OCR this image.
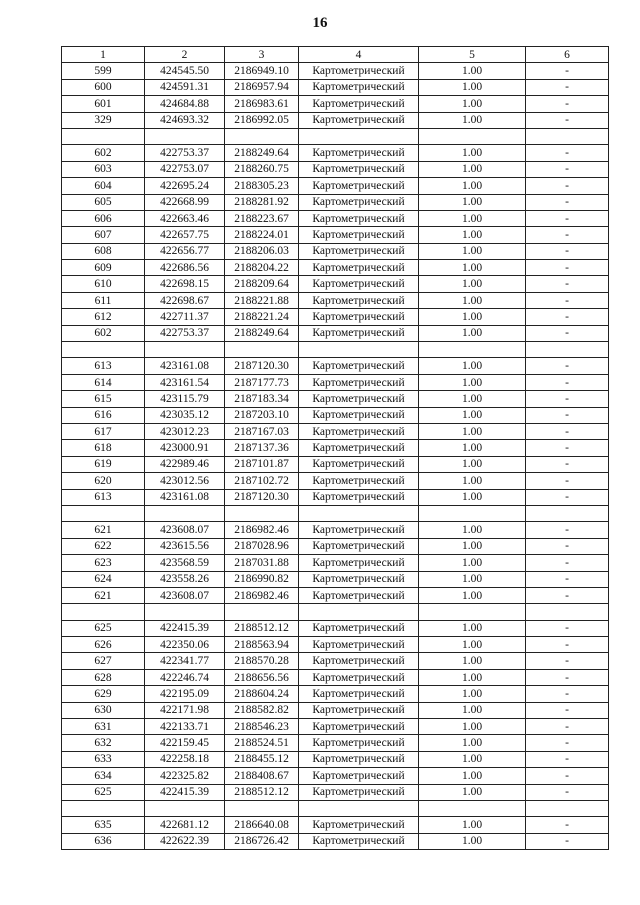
16
1	2	3	4	5	6
599	424545.50	2186949.10	Картометрический	1.00	-
600	424591.31	2186957.94	Картометрический	1.00	-
601	424684.88	2186983.61	Картометрический	1.00	-
329	424693.32	2186992.05	Картометрический	1.00	-

602	422753.37	2188249.64	Картометрический	1.00	-
603	422753.07	2188260.75	Картометрический	1.00	-
604	422695.24	2188305.23	Картометрический	1.00	-
605	422668.99	2188281.92	Картометрический	1.00	-
606	422663.46	2188223.67	Картометрический	1.00	-
607	422657.75	2188224.01	Картометрический	1.00	-
608	422656.77	2188206.03	Картометрический	1.00	-
609	422686.56	2188204.22	Картометрический	1.00	-
610	422698.15	2188209.64	Картометрический	1.00	-
611	422698.67	2188221.88	Картометрический	1.00	-
612	422711.37	2188221.24	Картометрический	1.00	-
602	422753.37	2188249.64	Картометрический	1.00	-

613	423161.08	2187120.30	Картометрический	1.00	-
614	423161.54	2187177.73	Картометрический	1.00	-
615	423115.79	2187183.34	Картометрический	1.00	-
616	423035.12	2187203.10	Картометрический	1.00	-
617	423012.23	2187167.03	Картометрический	1.00	-
618	423000.91	2187137.36	Картометрический	1.00	-
619	422989.46	2187101.87	Картометрический	1.00	-
620	423012.56	2187102.72	Картометрический	1.00	-
613	423161.08	2187120.30	Картометрический	1.00	-

621	423608.07	2186982.46	Картометрический	1.00	-
622	423615.56	2187028.96	Картометрический	1.00	-
623	423568.59	2187031.88	Картометрический	1.00	-
624	423558.26	2186990.82	Картометрический	1.00	-
621	423608.07	2186982.46	Картометрический	1.00	-

625	422415.39	2188512.12	Картометрический	1.00	-
626	422350.06	2188563.94	Картометрический	1.00	-
627	422341.77	2188570.28	Картометрический	1.00	-
628	422246.74	2188656.56	Картометрический	1.00	-
629	422195.09	2188604.24	Картометрический	1.00	-
630	422171.98	2188582.82	Картометрический	1.00	-
631	422133.71	2188546.23	Картометрический	1.00	-
632	422159.45	2188524.51	Картометрический	1.00	-
633	422258.18	2188455.12	Картометрический	1.00	-
634	422325.82	2188408.67	Картометрический	1.00	-
625	422415.39	2188512.12	Картометрический	1.00	-

635	422681.12	2186640.08	Картометрический	1.00	-
636	422622.39	2186726.42	Картометрический	1.00	-
